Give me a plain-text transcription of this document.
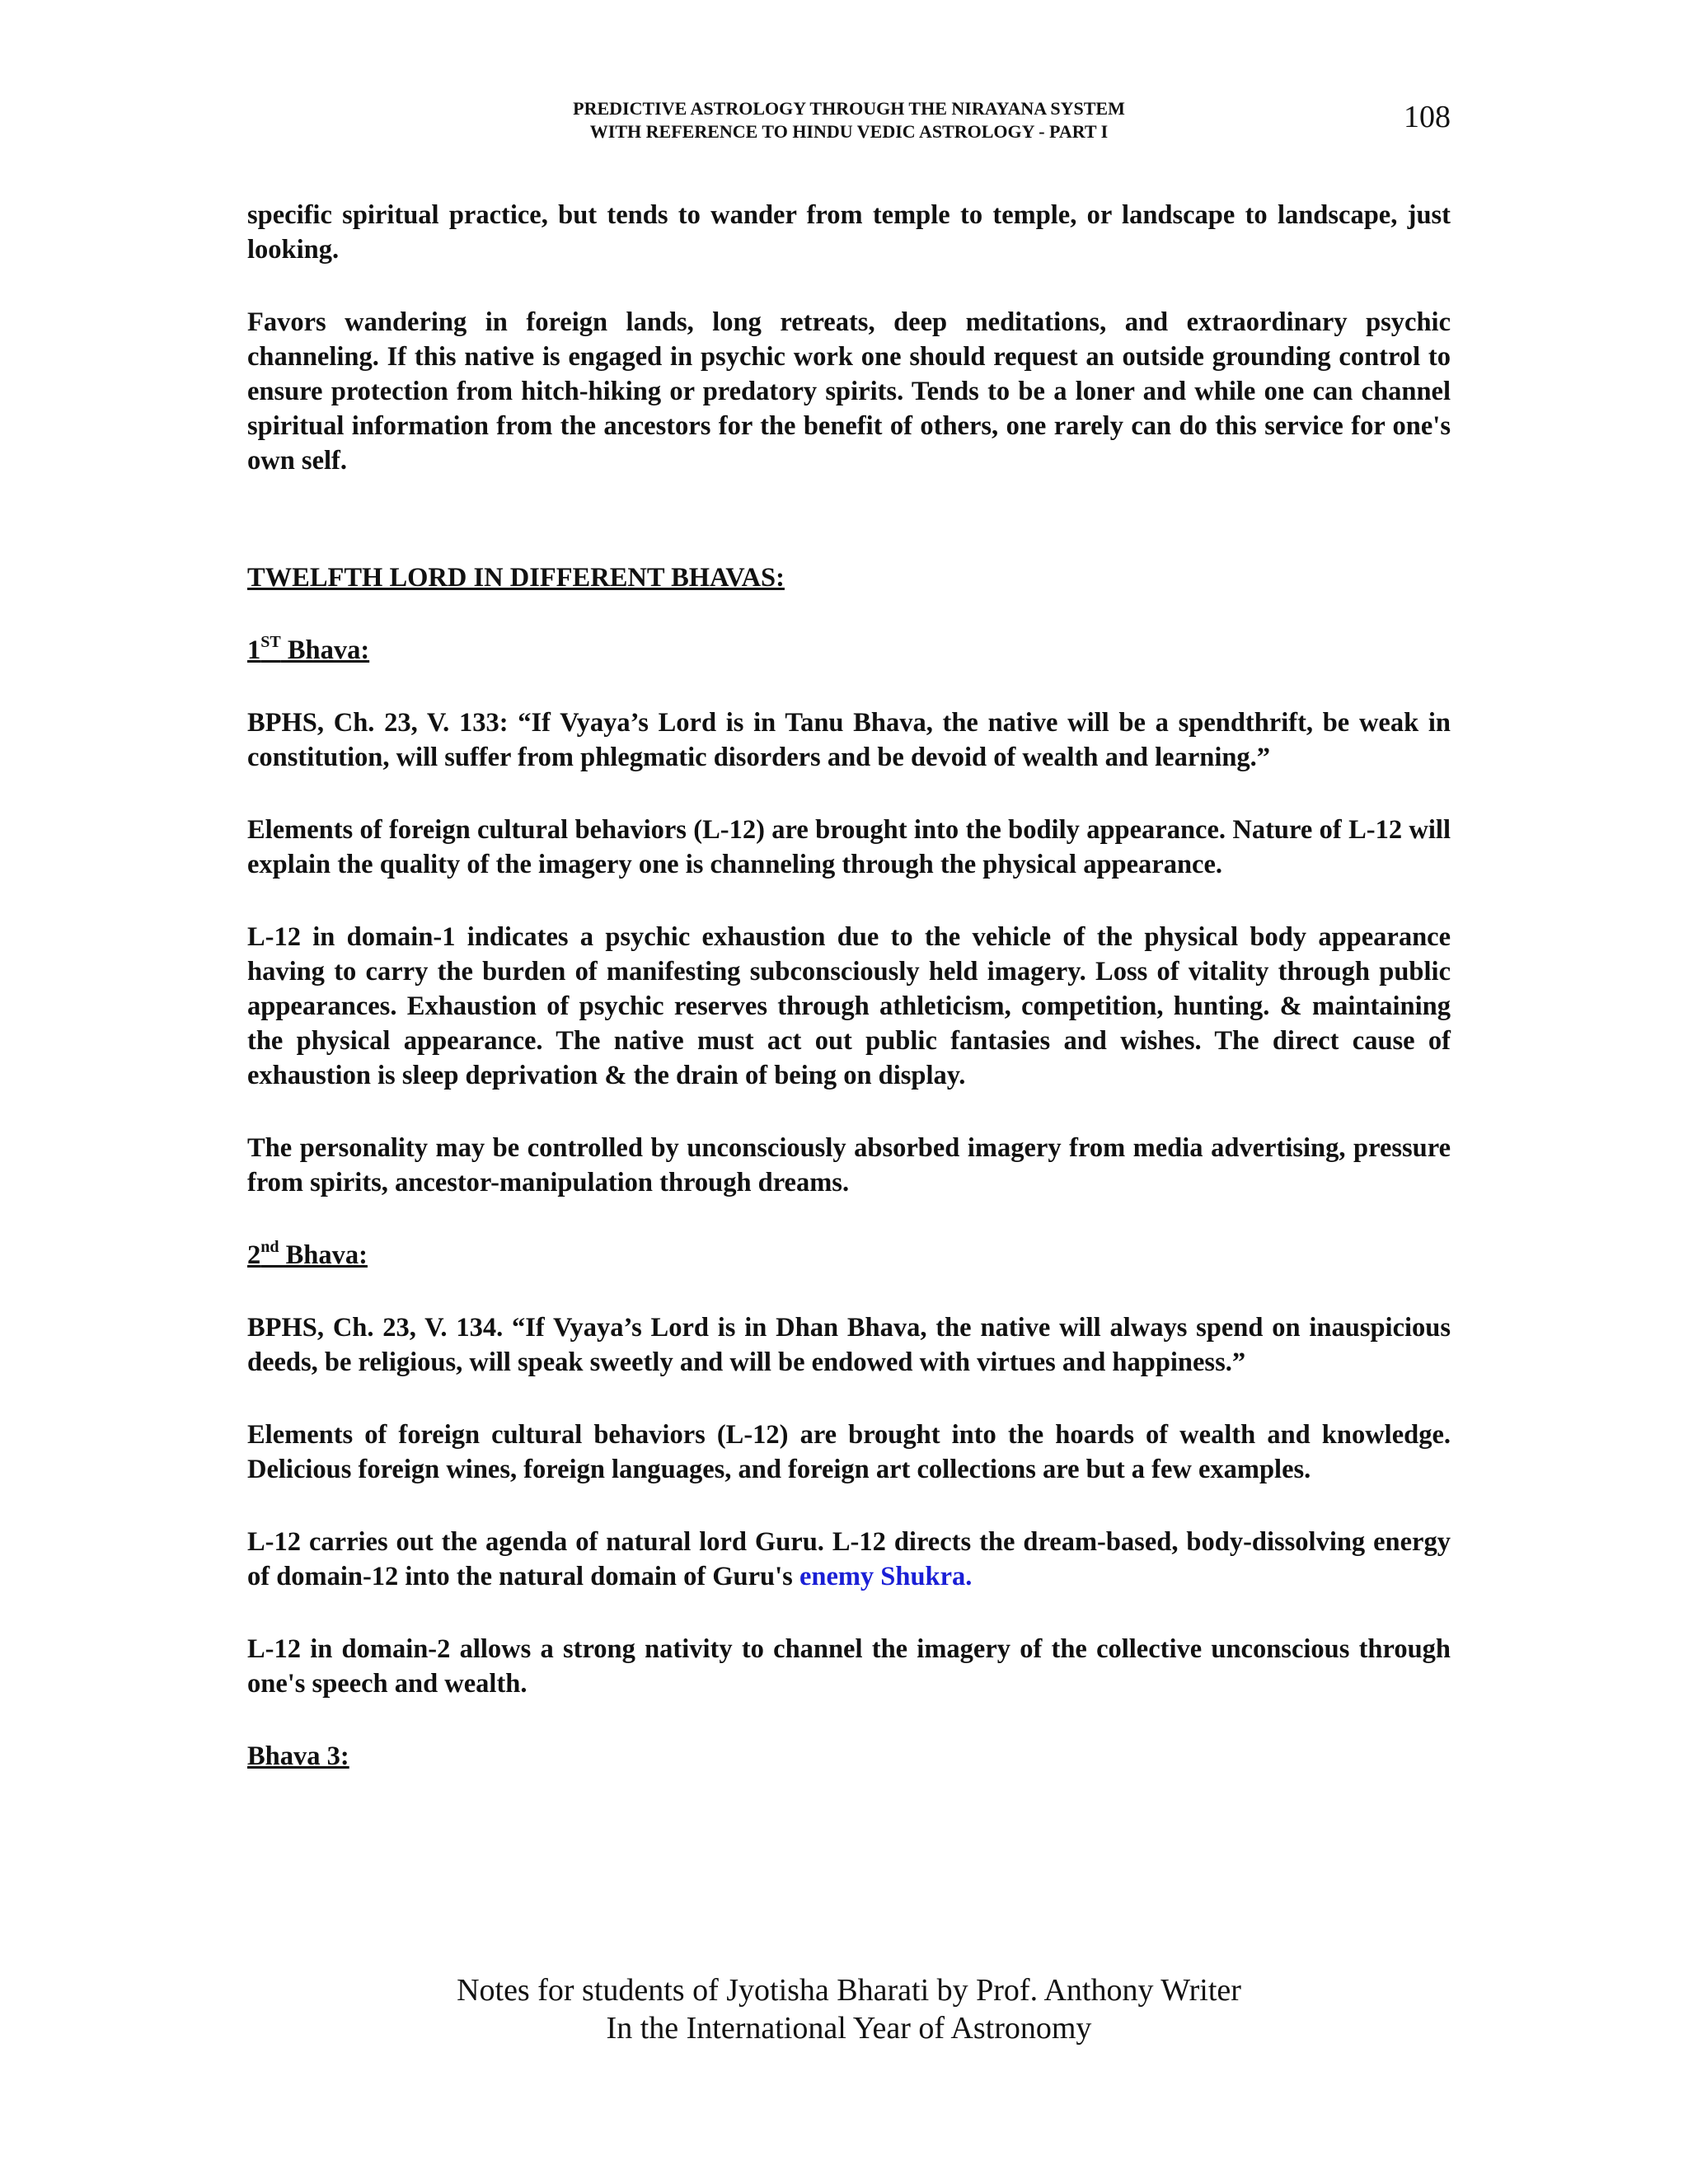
PREDICTIVE ASTROLOGY THROUGH THE NIRAYANA SYSTEM
WITH REFERENCE TO HINDU VEDIC ASTROLOGY - PART I	108

specific spiritual practice, but tends to wander from temple to temple, or landscape to landscape, just looking.

Favors wandering in foreign lands, long retreats, deep meditations, and extraordinary psychic channeling. If this native is engaged in psychic work one should request an outside grounding control to ensure protection from hitch-hiking or predatory spirits. Tends to be a loner and while one can channel spiritual information from the ancestors for the benefit of others, one rarely can do this service for one's own self.

TWELFTH LORD IN DIFFERENT BHAVAS:

1ST Bhava:

BPHS, Ch. 23, V. 133: “If Vyaya’s Lord is in Tanu Bhava, the native will be a spendthrift, be weak in constitution, will suffer from phlegmatic disorders and be devoid of wealth and learning.”

Elements of foreign cultural behaviors (L-12) are brought into the bodily appearance. Nature of L-12 will explain the quality of the imagery one is channeling through the physical appearance.

L-12 in domain-1 indicates a psychic exhaustion due to the vehicle of the physical body appearance having to carry the burden of manifesting subconsciously held imagery. Loss of vitality through public appearances. Exhaustion of psychic reserves through athleticism, competition, hunting. & maintaining the physical appearance. The native must act out public fantasies and wishes. The direct cause of exhaustion is sleep deprivation & the drain of being on display.

The personality may be controlled by unconsciously absorbed imagery from media advertising, pressure from spirits, ancestor-manipulation through dreams.

2nd Bhava:

BPHS, Ch. 23, V. 134. “If Vyaya’s Lord is in Dhan Bhava, the native will always spend on inauspicious deeds, be religious, will speak sweetly and will be endowed with virtues and happiness.”

Elements of foreign cultural behaviors (L-12) are brought into the hoards of wealth and knowledge. Delicious foreign wines, foreign languages, and foreign art collections are but a few examples.

L-12 carries out the agenda of natural lord Guru. L-12 directs the dream-based, body-dissolving energy of domain-12 into the natural domain of Guru's enemy Shukra.

L-12 in domain-2 allows a strong nativity to channel the imagery of the collective unconscious through one's speech and wealth.

Bhava 3:

Notes for students of Jyotisha Bharati by Prof. Anthony Writer
In the International Year of Astronomy
